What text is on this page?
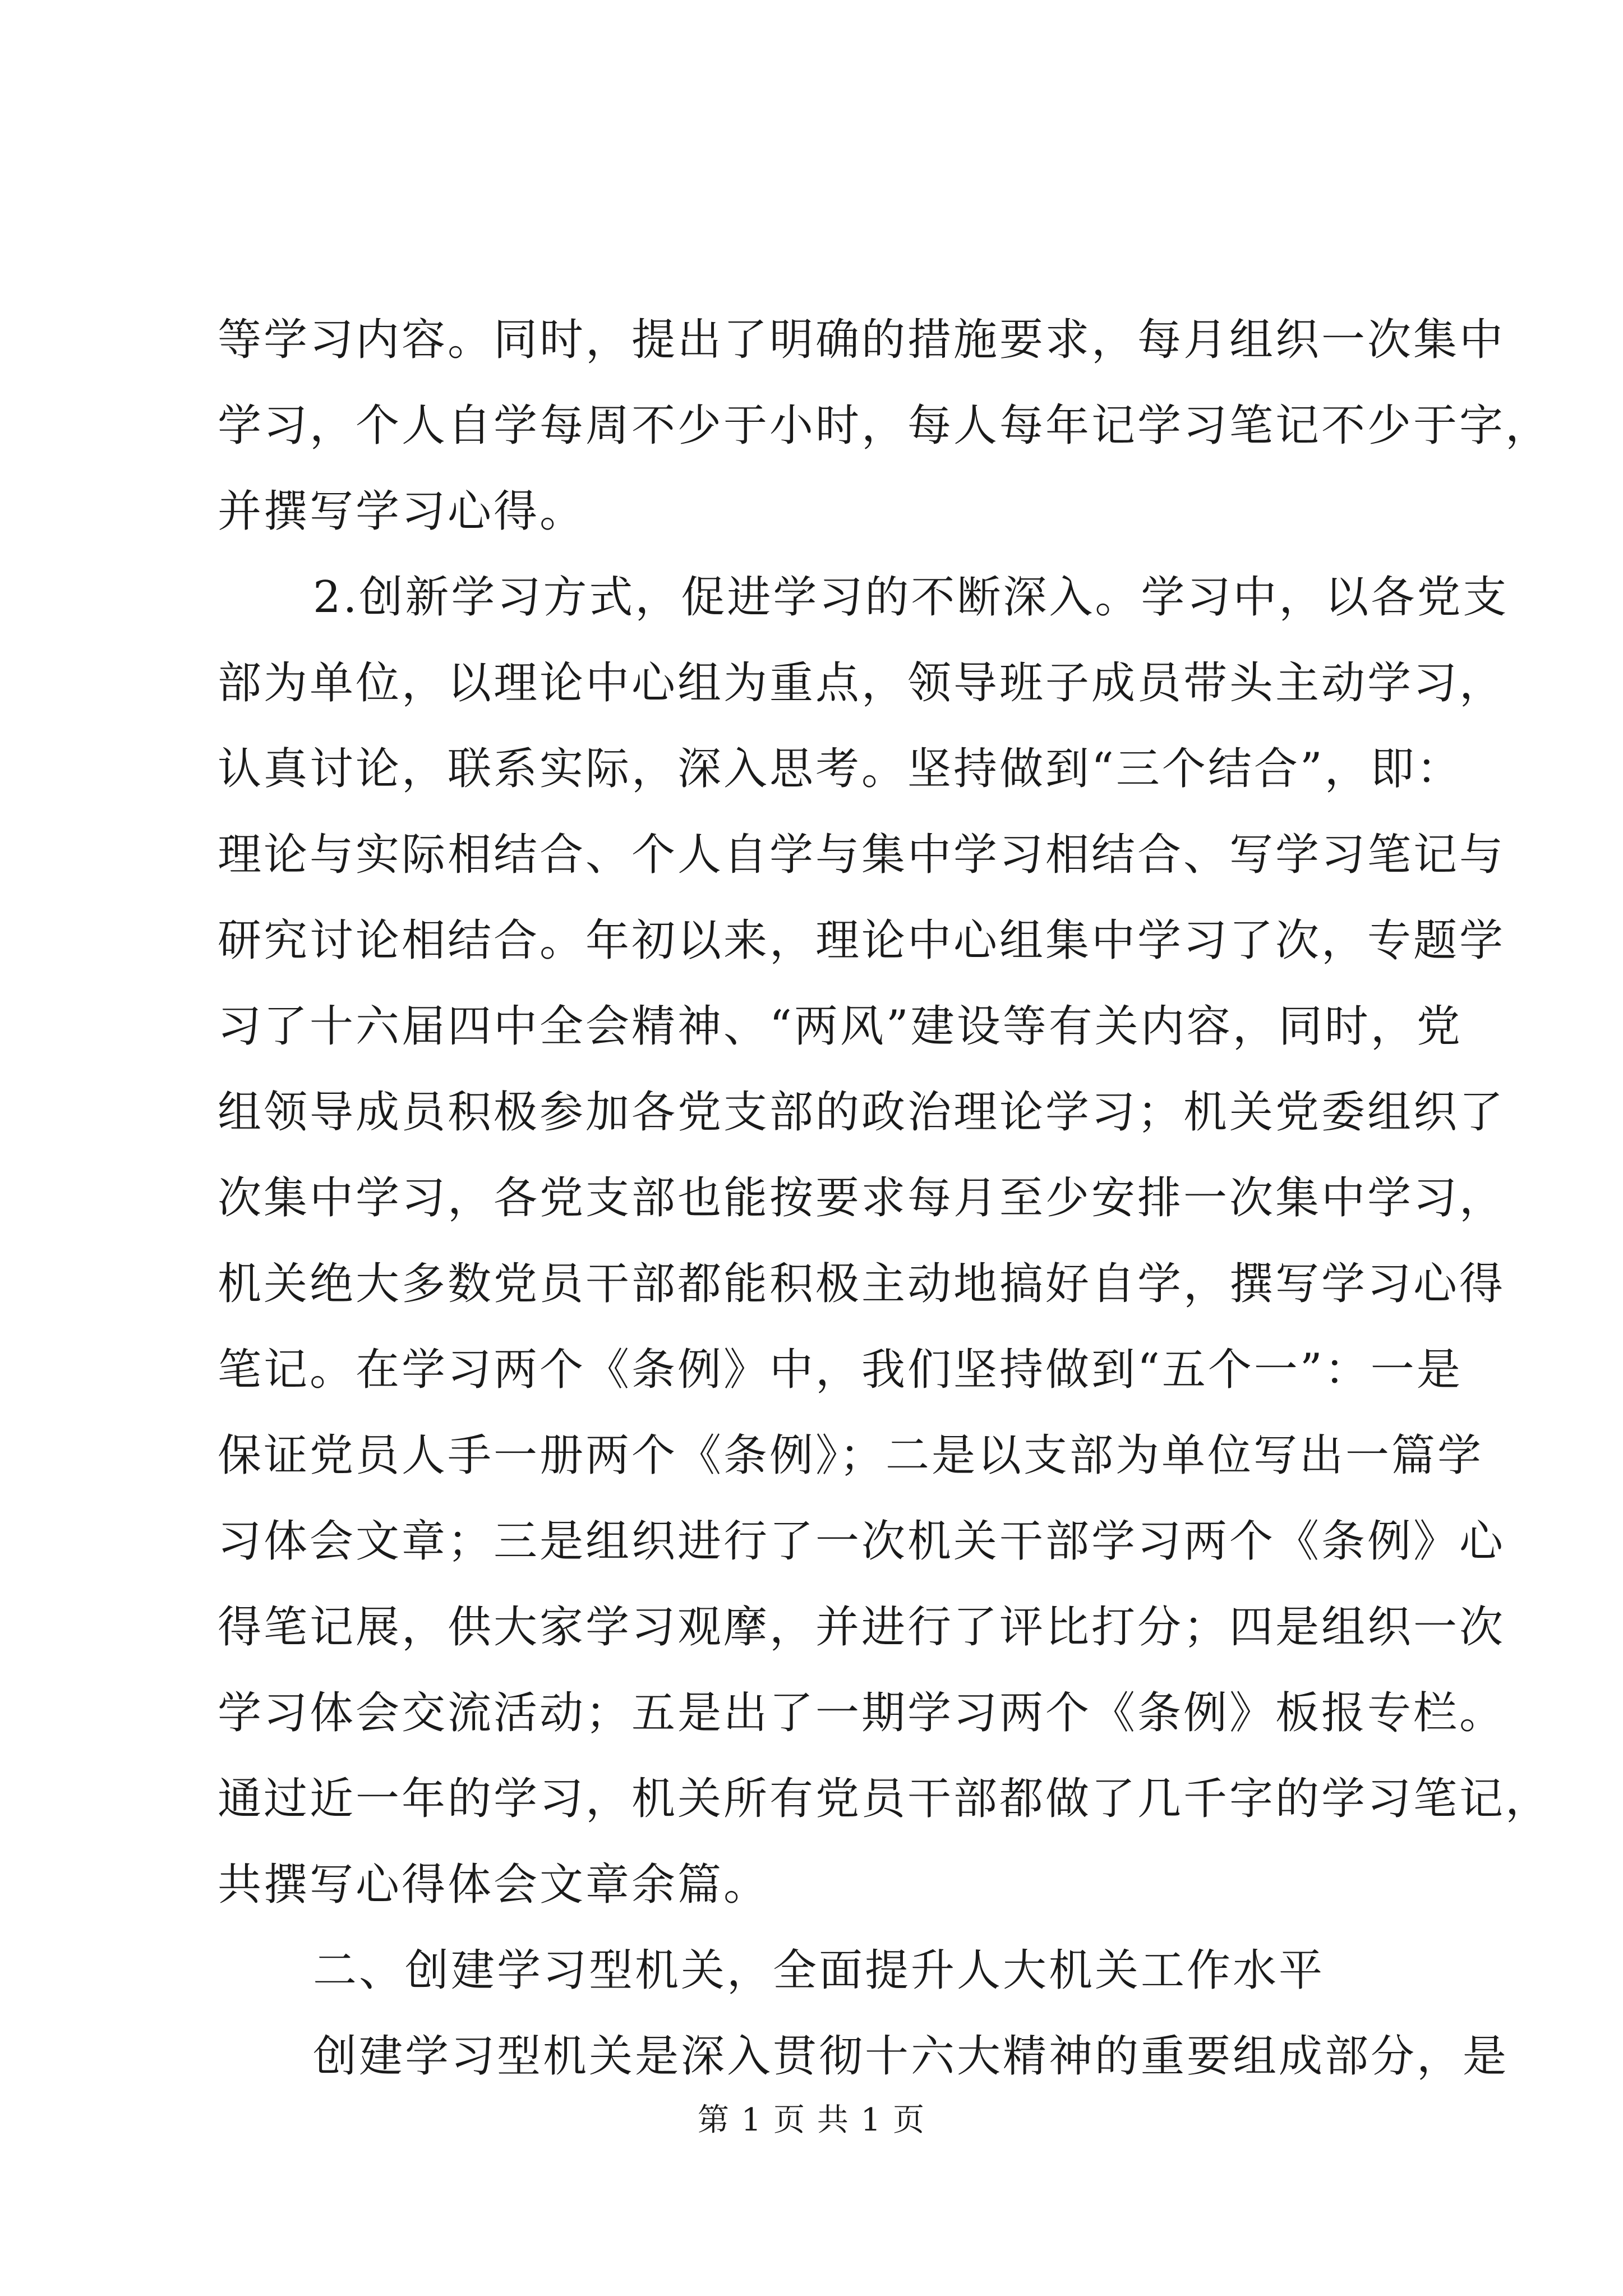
等学习内容。同时，提出了明确的措施要求，每月组织一次集中
学习，个人自学每周不少于小时，每人每年记学习笔记不少于字，
并撰写学习心得。
2.创新学习方式，促进学习的不断深入。学习中，以各党支
部为单位，以理论中心组为重点，领导班子成员带头主动学习，
认真讨论，联系实际，深入思考。坚持做到“三个结合”，即：
理论与实际相结合、个人自学与集中学习相结合、写学习笔记与
研究讨论相结合。年初以来，理论中心组集中学习了次，专题学
习了十六届四中全会精神、“两风”建设等有关内容，同时，党
组领导成员积极参加各党支部的政治理论学习；机关党委组织了
次集中学习，各党支部也能按要求每月至少安排一次集中学习，
机关绝大多数党员干部都能积极主动地搞好自学，撰写学习心得
笔记。在学习两个《条例》中，我们坚持做到“五个一”：一是
保证党员人手一册两个《条例》；二是以支部为单位写出一篇学
习体会文章；三是组织进行了一次机关干部学习两个《条例》心
得笔记展，供大家学习观摩，并进行了评比打分；四是组织一次
学习体会交流活动；五是出了一期学习两个《条例》板报专栏。
通过近一年的学习，机关所有党员干部都做了几千字的学习笔记，
共撰写心得体会文章余篇。
二、创建学习型机关，全面提升人大机关工作水平
创建学习型机关是深入贯彻十六大精神的重要组成部分，是
第 1 页 共 1 页
